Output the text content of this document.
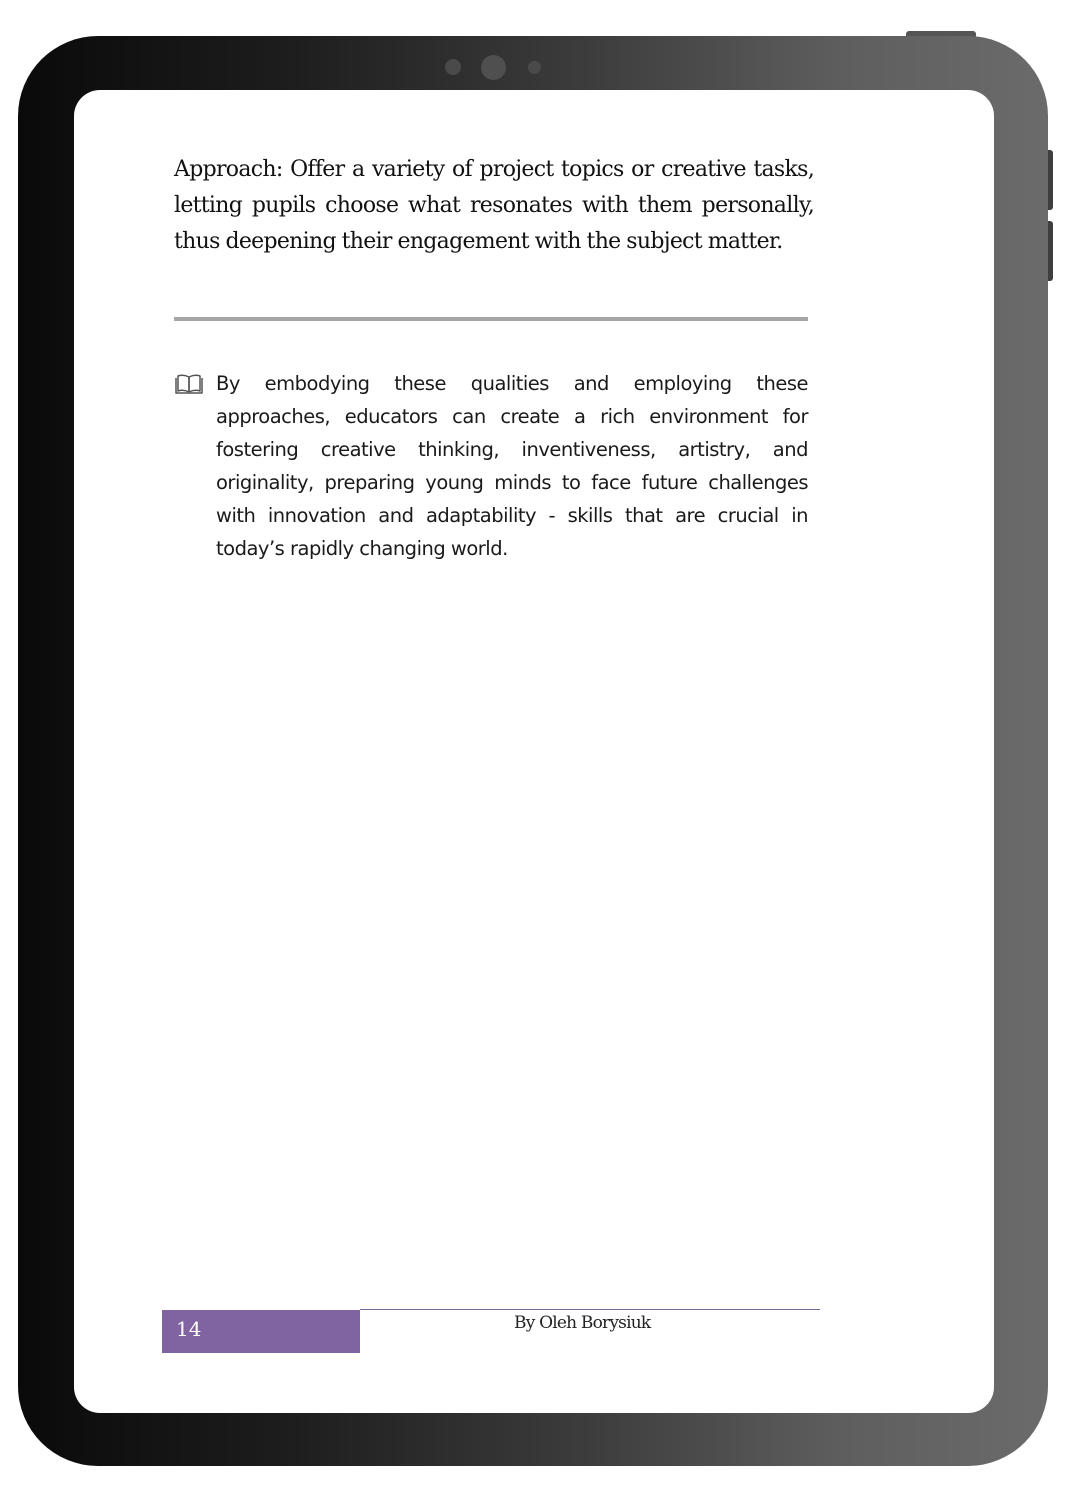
Approach: Offer a variety of project topics or creative tasks, letting pupils choose what resonates with them personally, thus deepening their engagement with the subject matter.

By embodying these qualities and employing these approaches, educators can create a rich environment for fostering creative thinking, inventiveness, artistry, and originality, preparing young minds to face future challenges with innovation and adaptability - skills that are crucial in today’s rapidly changing world.

14	By Oleh Borysiuk
